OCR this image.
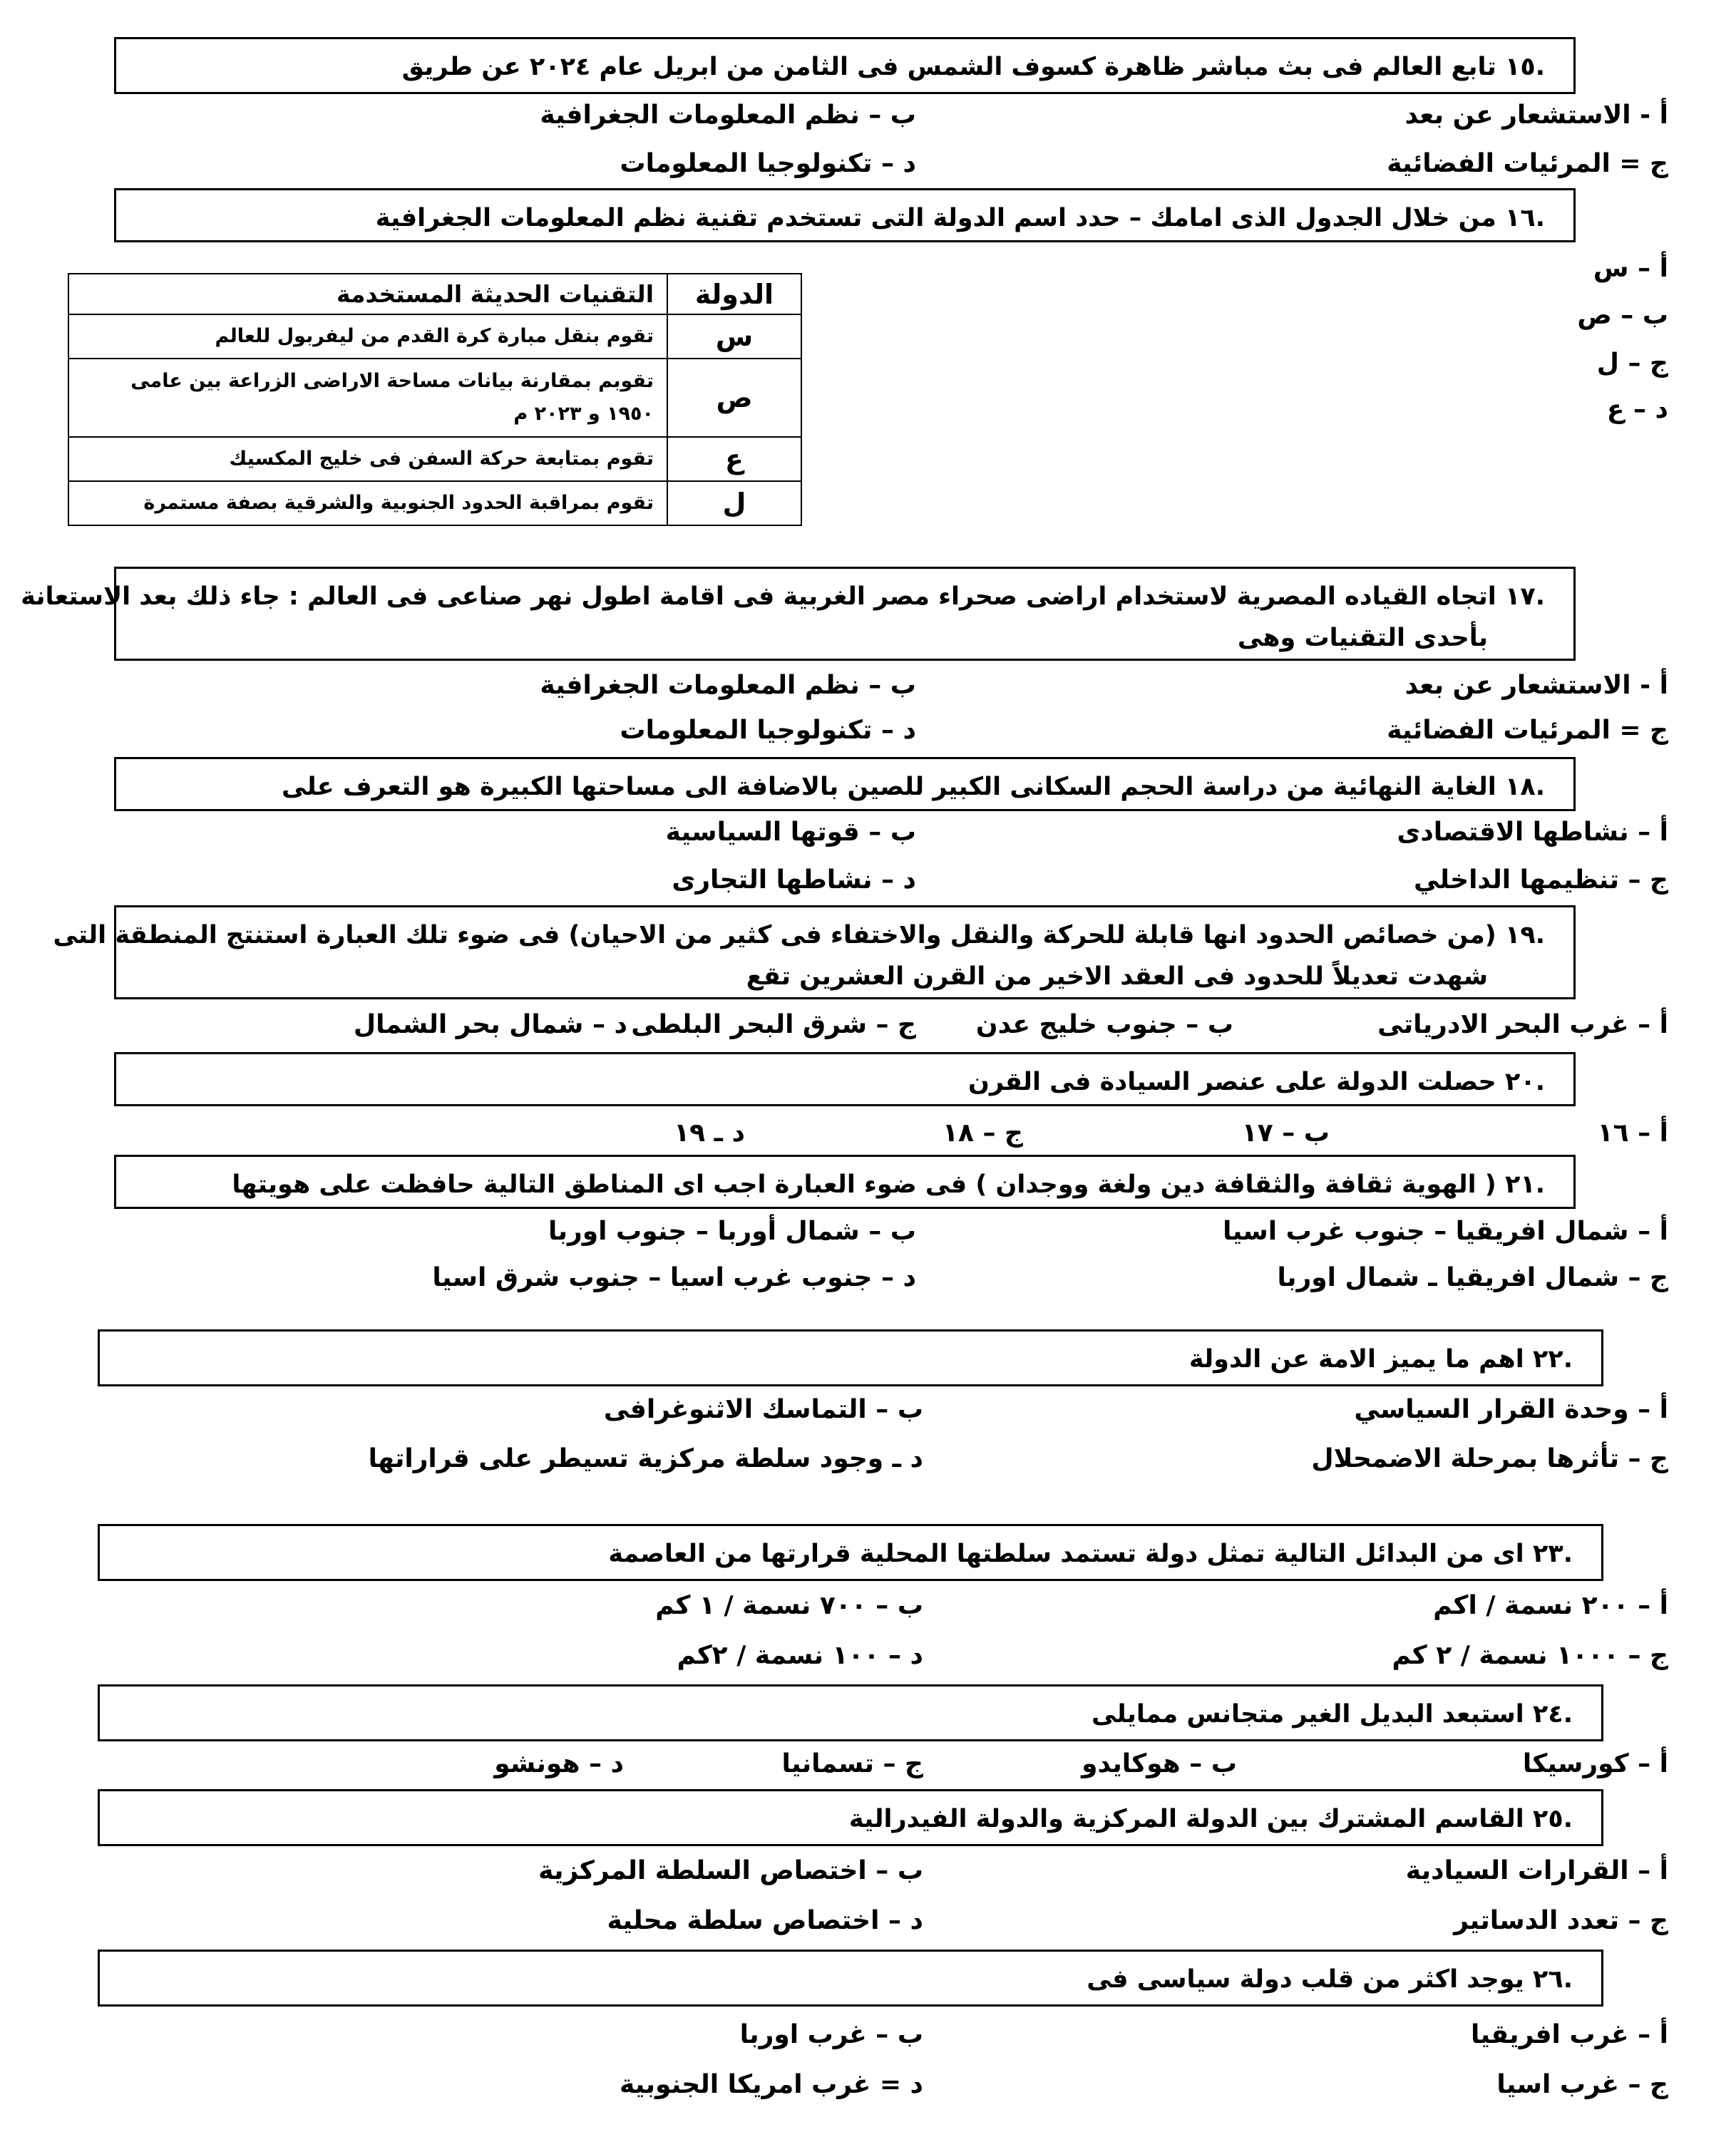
.١٥ تابع العالم فى بث مباشر ظاهرة كسوف الشمس فى الثامن من ابريل عام ٢٠٢٤ عن طريق
أ - الاستشعار عن بعد
ب – نظم المعلومات الجغرافية
ج = المرئيات الفضائية
د – تكنولوجيا المعلومات
.١٦ من خلال الجدول الذى امامك – حدد اسم الدولة التى تستخدم تقنية نظم المعلومات الجغرافية
أ – س
ب – ص
ج – ل
د – ع
الدولة	التقنيات الحديثة المستخدمة
س	تقوم بنقل مبارة كرة القدم من ليفربول للعالم
ص	تقوبم بمقارنة بيانات مساحة الاراضى الزراعة بين عامى
١٩٥٠ و ٢٠٢٣ م

ع	تقوم بمتابعة حركة السفن فى خليج المكسيك
ل	تقوم بمراقبة الحدود الجنوبية والشرقية بصفة مستمرة
.١٧ اتجاه القياده المصرية لاستخدام اراضى صحراء مصر الغربية فى اقامة اطول نهر صناعى فى العالم : جاء ذلك بعد الاستعانة
بأحدى التقنيات وهى
أ - الاستشعار عن بعد
ب – نظم المعلومات الجغرافية
ج = المرئيات الفضائية
د – تكنولوجيا المعلومات
.١٨ الغاية النهائية من دراسة الحجم السكانى الكبير للصين بالاضافة الى مساحتها الكبيرة هو التعرف على
أ – نشاطها الاقتصادى
ب – قوتها السياسية
ج – تنظيمها الداخلي
د – نشاطها التجارى
.١٩ (من خصائص الحدود انها قابلة للحركة والنقل والاختفاء فى كثير من الاحيان) فى ضوء تلك العبارة استنتج المنطقة التى
شهدت تعديلاً للحدود فى العقد الاخير من القرن العشرين تقع
أ – غرب البحر الادرياتى
ب – جنوب خليج عدن
ج – شرق البحر البلطى
د – شمال بحر الشمال
.٢٠ حصلت الدولة على عنصر السيادة فى القرن
أ – ١٦
ب – ١٧
ج – ١٨
د ـ ١٩
.٢١ ( الهوية ثقافة والثقافة دين ولغة ووجدان ) فى ضوء العبارة اجب اى المناطق التالية حافظت على هويتها
أ – شمال افريقيا – جنوب غرب اسيا
ب – شمال أوربا – جنوب اوربا
ج – شمال افريقيا ـ شمال اوربا
د – جنوب غرب اسيا – جنوب شرق اسيا
.٢٢ اهم ما يميز الامة عن الدولة
أ – وحدة القرار السياسي
ب – التماسك الاثنوغرافى
ج – تأثرها بمرحلة الاضمحلال
د ـ وجود سلطة مركزية تسيطر على قراراتها
.٢٣ اى من البدائل التالية تمثل دولة تستمد سلطتها المحلية قرارتها من العاصمة
أ – ٢٠٠ نسمة / اكم
ب – ٧٠٠ نسمة / ١ كم
ج – ١٠٠٠ نسمة / ٢ كم
د – ١٠٠ نسمة / ٢كم
.٢٤ استبعد البديل الغير متجانس ممايلى
أ – كورسيكا
ب – هوكايدو
ج – تسمانيا
د – هونشو
.٢٥ القاسم المشترك بين الدولة المركزية والدولة الفيدرالية
أ – القرارات السيادية
ب – اختصاص السلطة المركزية
ج – تعدد الدساتير
د – اختصاص سلطة محلية
.٢٦ يوجد اكثر من قلب دولة سياسى فى
أ – غرب افريقيا
ب – غرب اوربا
ج – غرب اسيا
د = غرب امريكا الجنوبية
